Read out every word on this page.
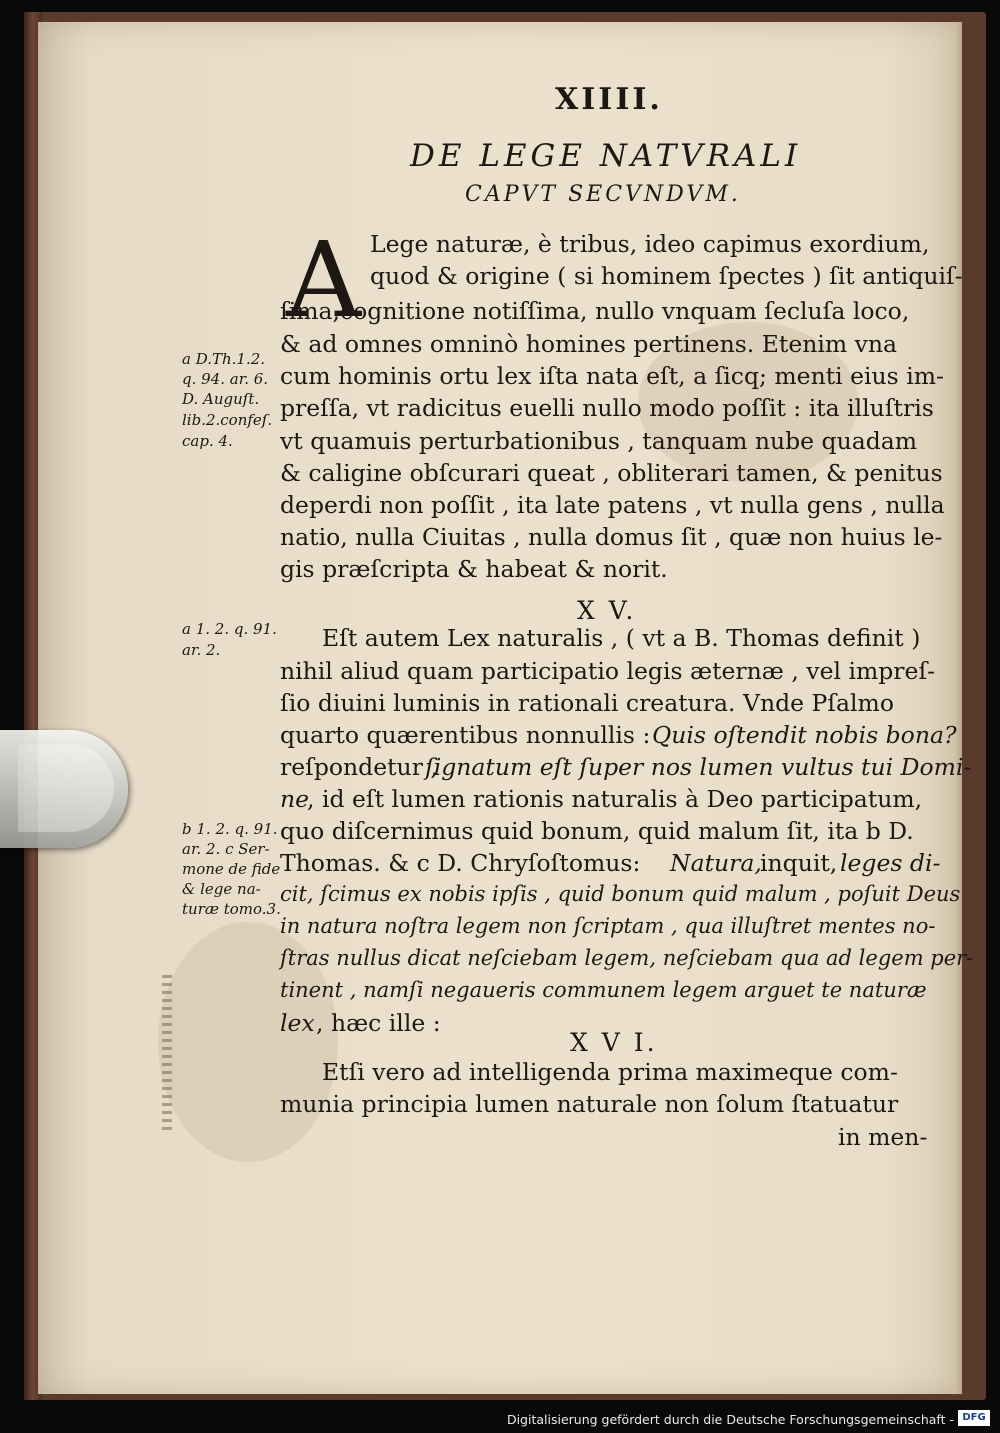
XIIII.
DE LEGE NATVRALI
CAPVT SECVNDVM.
A Lege naturæ, è tribus, ideo capimus exordium,
quod & origine ( si hominem ſpectes ) ſit antiquiſ-
ſima,cognitione notiſſima, nullo vnquam ſecluſa loco,
& ad omnes omninò homines pertinens. Etenim vna
cum hominis ortu lex iſta nata eſt, a ſicq; menti eius im-
preſſa, vt radicitus euelli nullo modo poſſit : ita illuſtris
vt quamuis perturbationibus , tanquam nube quadam
& caligine obſcurari queat , obliterari tamen, & penitus
deperdi non poſſit , ita late patens , vt nulla gens , nulla
natio, nulla Ciuitas , nulla domus ſit , quæ non huius le-
gis præſcripta & habeat & norit.
a D.Th.1.2.
q. 94. ar. 6.
D. Auguſt.
lib.2.confeſ.
cap. 4.
X V.
a 1. 2. q. 91.
ar. 2.	Eſt autem Lex naturalis , ( vt a B. Thomas definit )
nihil aliud quam participatio legis æternæ , vel impreſ-
ſio diuini luminis in rationali creatura. Vnde Pſalmo
quarto quærentibus nonnullis : Quis oſtendit nobis bona?
reſpondetur ,
ſignatum eſt ſuper nos lumen vultus tui Domi-
ne
, id eſt lumen rationis naturalis à Deo participatum,
quo diſcernimus quid bonum, quid malum ſit, ita b D.
Thomas. & c D. Chryſoſtomus: Natura,
inquit, leges di-
cit, ſcimus ex nobis ipſis , quid bonum quid malum , poſuit Deus
in natura noſtra legem non ſcriptam , qua illuſtret mentes no-
ſtras nullus dicat neſciebam legem, neſciebam qua ad legem per-
tinent , namſi negaueris communem legem arguet te naturæ
lex , hæc ille :
b 1. 2. q. 91.
ar. 2. c Ser-
mone de fide
& lege na-
turæ tomo.3.
X V I.
Etſi vero ad intelligenda prima maximeque com-
munia principia lumen naturale non ſolum ſtatuatur
in men-
Digitalisierung gefördert durch die Deutsche Forschungsgemeinschaft - DFG
